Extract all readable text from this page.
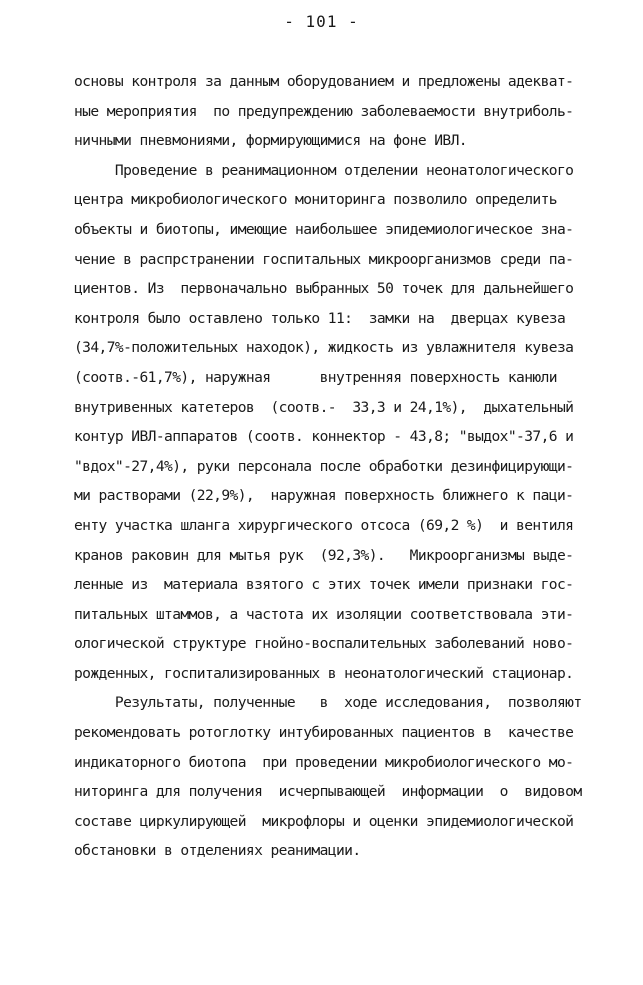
- 101 -
основы контроля за данным оборудованием и предложены адекват-
ные мероприятия  по предупреждению заболеваемости внутриболь-
ничными пневмониями, формирующимися на фоне ИВЛ.
Проведение в реанимационном отделении неонатологического
центра микробиологического мониторинга позволило определить
объекты и биотопы, имеющие наибольшее эпидемиологическое зна-
чение в распрстранении госпитальных микроорганизмов среди па-
циентов. Из  первоначально выбранных 50 точек для дальнейшего
контроля было оставлено только 11:  замки на  дверцах кувеза
(34,7%-положительных находок), жидкость из увлажнителя кувеза
(соотв.-61,7%), наружная      внутренняя поверхность канюли
внутривенных катетеров  (соотв.-  33,3 и 24,1%),  дыхательный
контур ИВЛ-аппаратов (соотв. коннектор - 43,8; "выдох"-37,6 и
"вдох"-27,4%), руки персонала после обработки дезинфицирующи-
ми растворами (22,9%),  наружная поверхность ближнего к паци-
енту участка шланга хирургического отсоса (69,2 %)  и вентиля
кранов раковин для мытья рук  (92,3%).   Микроорганизмы выде-
ленные из  материала взятого с этих точек имели признаки гос-
питальных штаммов, а частота их изоляции соответствовала эти-
ологической структуре гнойно-воспалительных заболеваний ново-
рожденных, госпитализированных в неонатологический стационар.
Результаты, полученные   в  ходе исследования,  позволяют
рекомендовать ротоглотку интубированных пациентов в  качестве
индикаторного биотопа  при проведении микробиологического мо-
ниторинга для получения  исчерпывающей  информации  о  видовом
составе циркулирующей  микрофлоры и оценки эпидемиологической
обстановки в отделениях реанимации.
